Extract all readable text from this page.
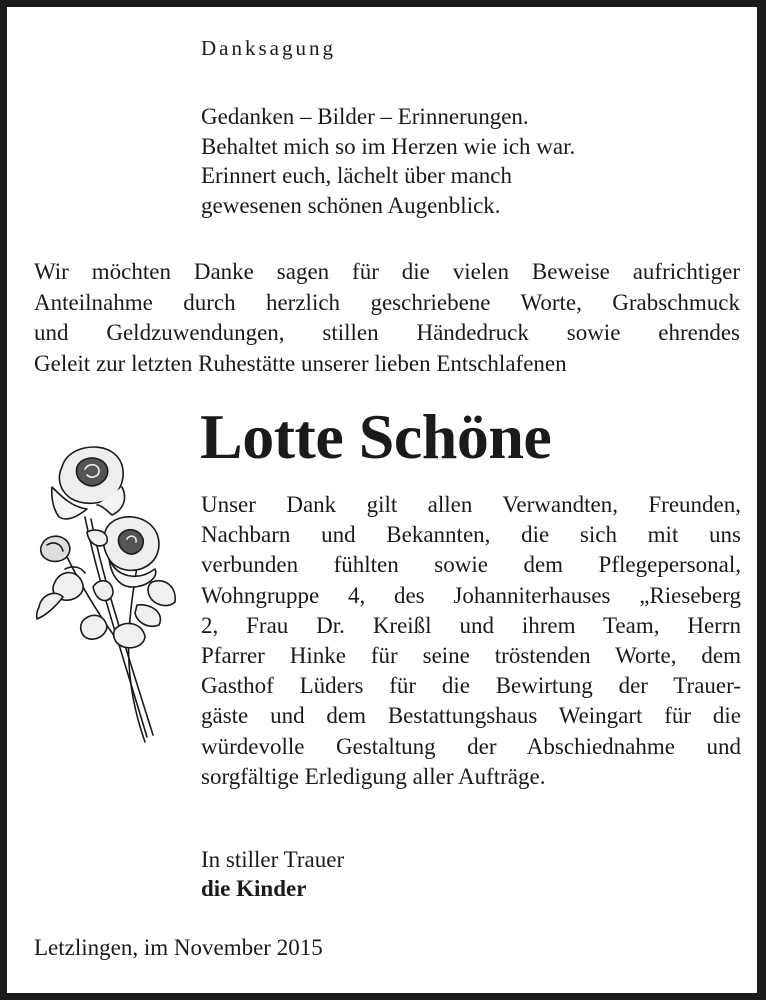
Danksagung
Gedanken – Bilder – Erinnerungen.
Behaltet mich so im Herzen wie ich war.
Erinnert euch, lächelt über manch
gewesenen schönen Augenblick.
Wir möchten Danke sagen für die vielen Beweise aufrichtiger
Anteilnahme durch herzlich geschriebene Worte, Grabschmuck
und Geldzuwendungen, stillen Händedruck sowie ehrendes
Geleit zur letzten Ruhestätte unserer lieben Entschlafenen
Lotte Schöne
Unser Dank gilt allen Verwandten, Freunden,
Nachbarn und Bekannten, die sich mit uns
verbunden fühlten sowie dem Pflegepersonal,
Wohngruppe 4, des Johanniterhauses „Rieseberg
2, Frau Dr. Kreißl und ihrem Team, Herrn
Pfarrer Hinke für seine tröstenden Worte, dem
Gasthof Lüders für die Bewirtung der Trauer-
gäste und dem Bestattungshaus Weingart für die
würdevolle Gestaltung der Abschiednahme und
sorgfältige Erledigung aller Aufträge.
In stiller Trauer
die Kinder
Letzlingen, im November 2015
